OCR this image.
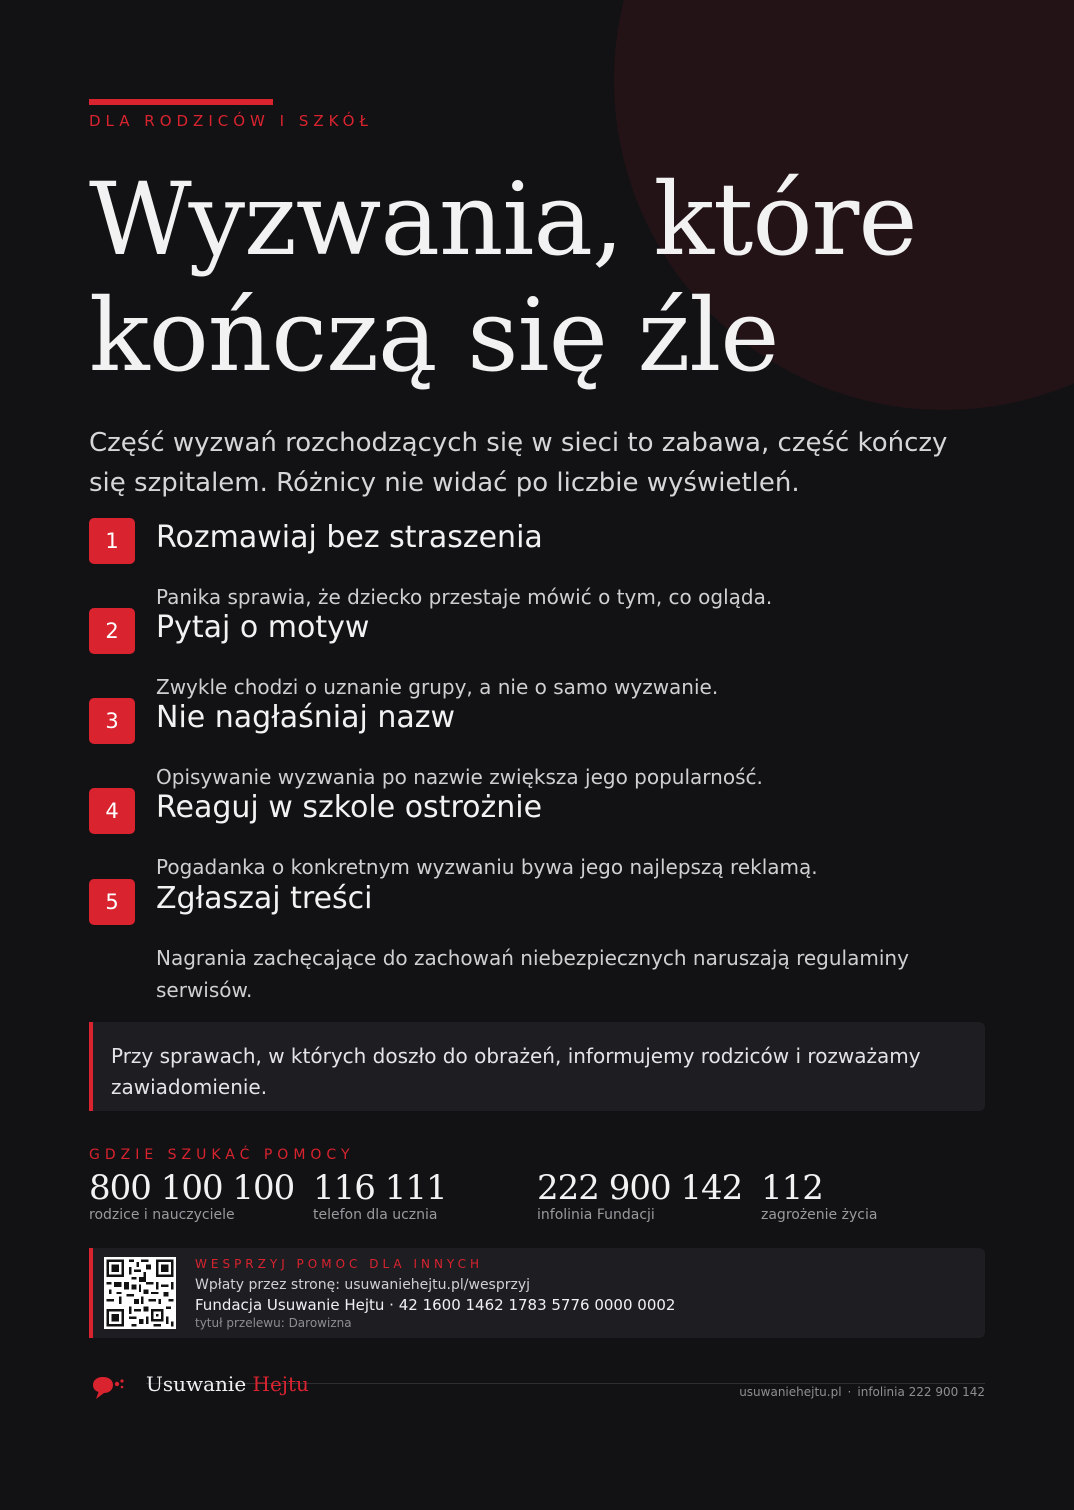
DLA RODZICÓW I SZKÓŁ
Wyzwania, które
kończą się źle
Część wyzwań rozchodzących się w sieci to zabawa, część kończy się szpitalem. Różnicy nie widać po liczbie wyświetleń.
1	Rozmawiaj bez straszenia
Panika sprawia, że dziecko przestaje mówić o tym, co ogląda.
2	Pytaj o motyw
Zwykle chodzi o uznanie grupy, a nie o samo wyzwanie.
3	Nie nagłaśniaj nazw
Opisywanie wyzwania po nazwie zwiększa jego popularność.
4	Reaguj w szkole ostrożnie
Pogadanka o konkretnym wyzwaniu bywa jego najlepszą reklamą.
5	Zgłaszaj treści
Nagrania zachęcające do zachowań niebezpiecznych naruszają regulaminy serwisów.
Przy sprawach, w których doszło do obrażeń, informujemy rodziców i rozważamy zawiadomienie.
GDZIE SZUKAĆ POMOCY
800 100 100
rodzice i nauczyciele
116 111
telefon dla ucznia
222 900 142
infolinia Fundacji
112
zagrożenie życia
WESPRZYJ POMOC DLA INNYCH
Wpłaty przez stronę: usuwaniehejtu.pl/wesprzyj
Fundacja Usuwanie Hejtu · 42 1600 1462 1783 5776 0000 0002
tytuł przelewu: Darowizna
Usuwanie Hejtu	usuwaniehejtu.pl · infolinia 222 900 142
